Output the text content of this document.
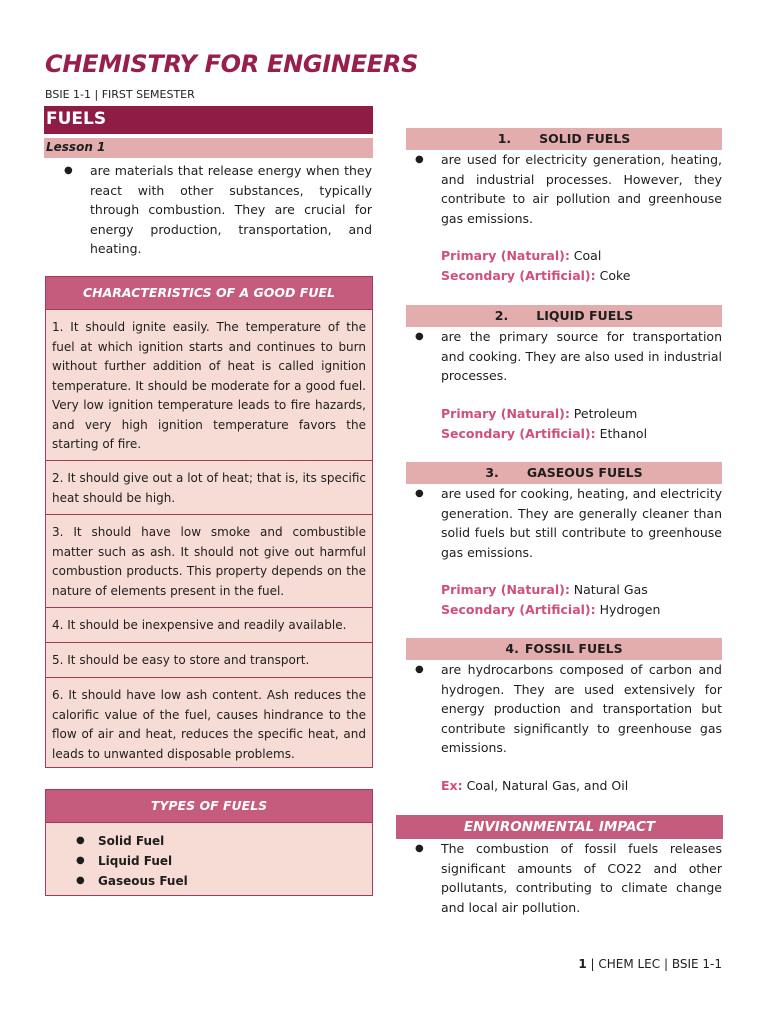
CHEMISTRY FOR ENGINEERS
BSIE 1-1 | FIRST SEMESTER
FUELS
Lesson 1
● are materials that release energy when they react with other substances, typically through combustion. They are crucial for energy production, transportation, and heating.
CHARACTERISTICS OF A GOOD FUEL
1. It should ignite easily. The temperature of the fuel at which ignition starts and continues to burn without further addition of heat is called ignition temperature. It should be moderate for a good fuel. Very low ignition temperature leads to fire hazards, and very high ignition temperature favors the starting of fire.
2. It should give out a lot of heat; that is, its specific heat should be high.
3. It should have low smoke and combustible matter such as ash. It should not give out harmful combustion products. This property depends on the nature of elements present in the fuel.
4. It should be inexpensive and readily available.
5. It should be easy to store and transport.
6. It should have low ash content. Ash reduces the calorific value of the fuel, causes hindrance to the flow of air and heat, reduces the specific heat, and leads to unwanted disposable problems.
TYPES OF FUELS
● Solid Fuel
● Liquid Fuel
● Gaseous Fuel
1. SOLID FUELS
● are used for electricity generation, heating, and industrial processes. However, they contribute to air pollution and greenhouse gas emissions.
Primary (Natural): Coal
Secondary (Artificial): Coke
2. LIQUID FUELS
● are the primary source for transportation and cooking. They are also used in industrial processes.
Primary (Natural): Petroleum
Secondary (Artificial): Ethanol
3. GASEOUS FUELS
● are used for cooking, heating, and electricity generation. They are generally cleaner than solid fuels but still contribute to greenhouse gas emissions.
Primary (Natural): Natural Gas
Secondary (Artificial): Hydrogen
4. FOSSIL FUELS
● are hydrocarbons composed of carbon and hydrogen. They are used extensively for energy production and transportation but contribute significantly to greenhouse gas emissions.
Ex: Coal, Natural Gas, and Oil
ENVIRONMENTAL IMPACT
● The combustion of fossil fuels releases significant amounts of CO22 and other pollutants, contributing to climate change and local air pollution.
1 | CHEM LEC | BSIE 1-1
